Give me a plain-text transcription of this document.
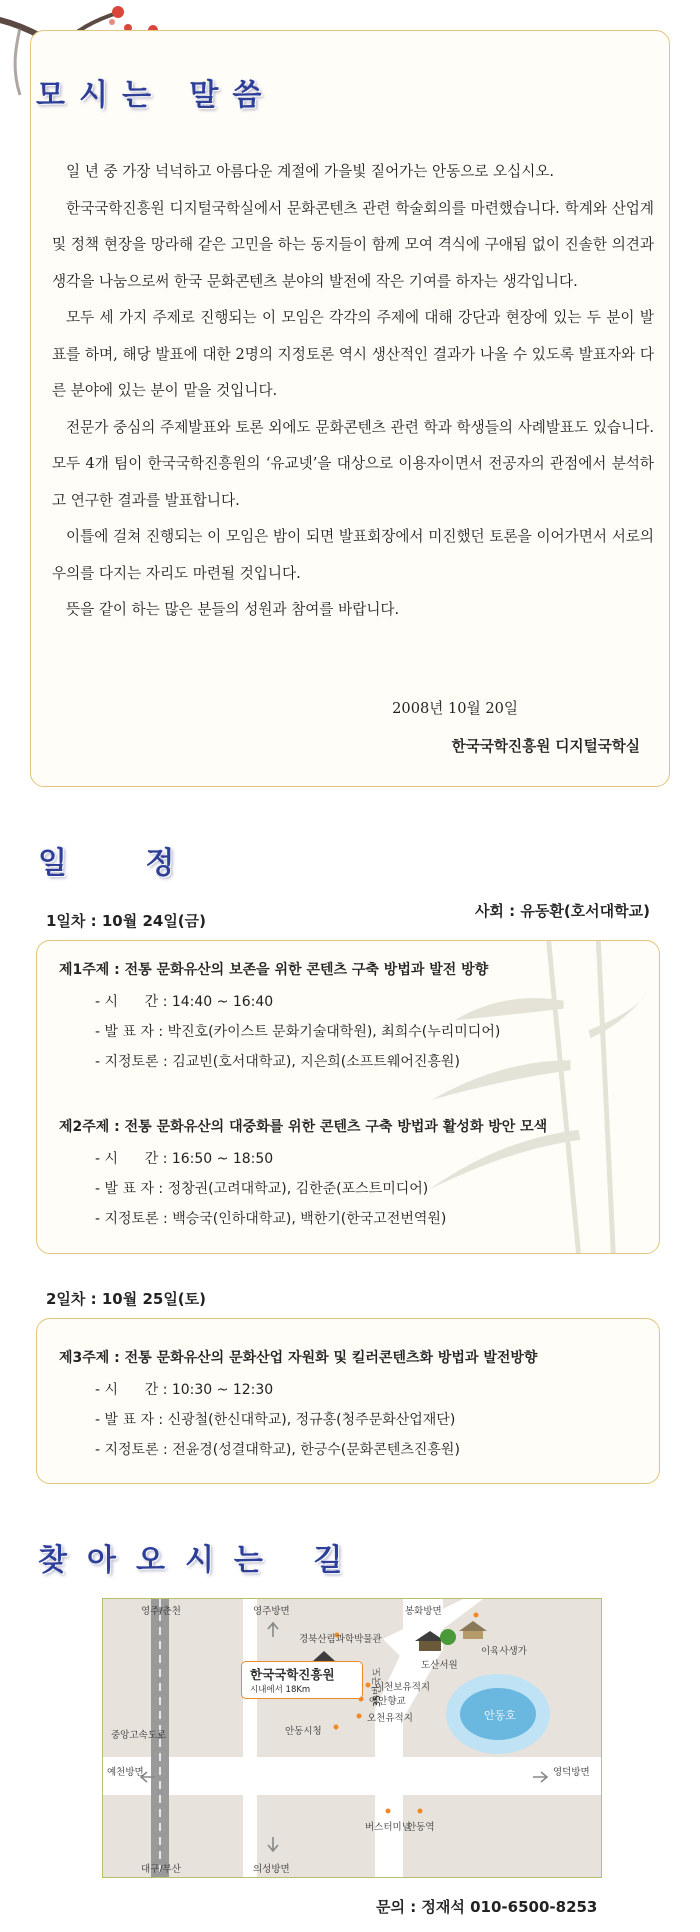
모시는 말씀

일 년 중 가장 넉넉하고 아름다운 계절에 가을빛 짙어가는 안동으로 오십시오.

한국국학진흥원 디지털국학실에서 문화콘텐츠 관련 학술회의를 마련했습니다. 학계와 산업계 및 정책 현장을 망라해 같은 고민을 하는 동지들이 함께 모여 격식에 구애됨 없이 진솔한 의견과 생각을 나눔으로써 한국 문화콘텐츠 분야의 발전에 작은 기여를 하자는 생각입니다.

모두 세 가지 주제로 진행되는 이 모임은 각각의 주제에 대해 강단과 현장에 있는 두 분이 발표를 하며, 해당 발표에 대한 2명의 지정토론 역시 생산적인 결과가 나올 수 있도록 발표자와 다른 분야에 있는 분이 맡을 것입니다.

전문가 중심의 주제발표와 토론 외에도 문화콘텐츠 관련 학과 학생들의 사례발표도 있습니다. 모두 4개 팀이 한국국학진흥원의 ‘유교넷’을 대상으로 이용자이면서 전공자의 관점에서 분석하고 연구한 결과를 발표합니다.

이틀에 걸쳐 진행되는 이 모임은 밤이 되면 발표회장에서 미진했던 토론을 이어가면서 서로의 우의를 다지는 자리도 마련될 것입니다.

뜻을 같이 하는 많은 분들의 성원과 참여를 바랍니다.

2008년 10월 20일
한국국학진흥원 디지털국학실
일 정
1일차 : 10월 24일(금)
사회 : 유동환(호서대학교)
제1주제 : 전통 문화유산의 보존을 위한 콘텐츠 구축 방법과 발전 방향
- 시      간 : 14:40 ~ 16:40
- 발 표 자 : 박진호(카이스트 문화기술대학원), 최희수(누리미디어)
- 지정토론 : 김교빈(호서대학교), 지은희(소프트웨어진흥원)
제2주제 : 전통 문화유산의 대중화를 위한 콘텐츠 구축 방법과 활성화 방안 모색
- 시      간 : 16:50 ~ 18:50
- 발 표 자 : 정창권(고려대학교), 김한준(포스트미디어)
- 지정토론 : 백승국(인하대학교), 백한기(한국고전번역원)
2일차 : 10월 25일(토)
제3주제 : 전통 문화유산의 문화산업 자원화 및 킬러콘텐츠화 방법과 발전방향
- 시      간 : 10:30 ~ 12:30
- 발 표 자 : 신광철(한신대학교), 정규홍(청주문화산업재단)
- 지정토론 : 전윤경(성결대학교), 한긍수(문화콘텐츠진흥원)
찾아오시는 길
영주/춘천	영주방면	봉화방면
경북산림과학박물관
이육사생가
도산서원
한국국학진흥원
시내에서 18Km
중앙고속도로
35번국도
이천보유적지
예안향교
오천유적지	안동호
안동시청
예천방면	영덕방면
버스터미널
안동역
대구/부산	의성방면
문의 : 정재석 010-6500-8253
